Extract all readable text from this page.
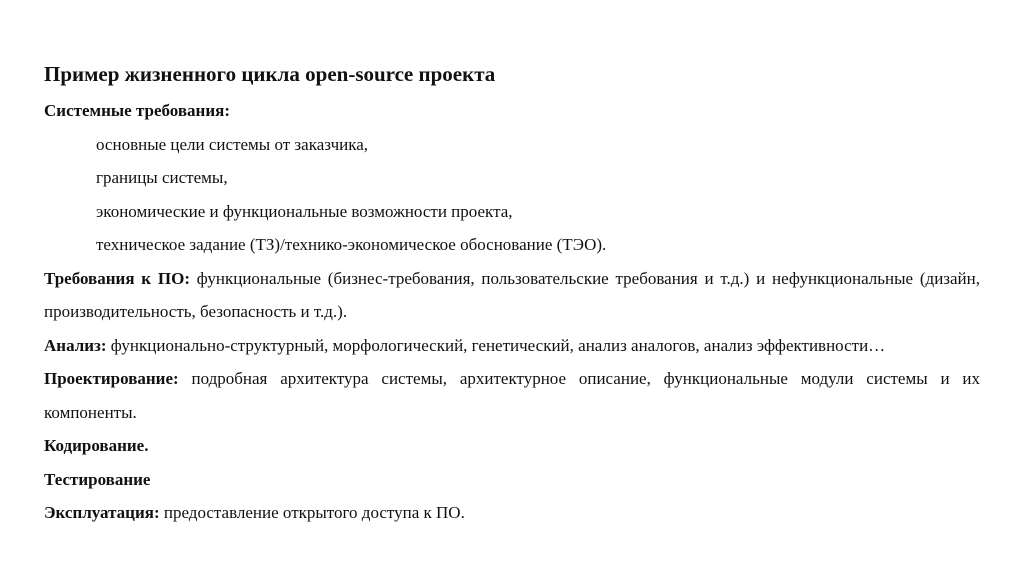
Пример жизненного цикла open-source проекта

Системные требования:

основные цели системы от заказчика,

границы системы,

экономические и функциональные возможности проекта,

техническое задание (ТЗ)/технико-экономическое обоснование (ТЭО).

Требования к ПО: функциональные (бизнес-требования, пользовательские требования и т.д.) и нефункциональные (дизайн, производительность, безопасность и т.д.).

Анализ: функционально-структурный, морфологический, генетический, анализ аналогов, анализ эффективности…

Проектирование: подробная архитектура системы, архитектурное описание, функциональные модули системы и их компоненты.

Кодирование.

Тестирование

Эксплуатация: предоставление открытого доступа к ПО.
